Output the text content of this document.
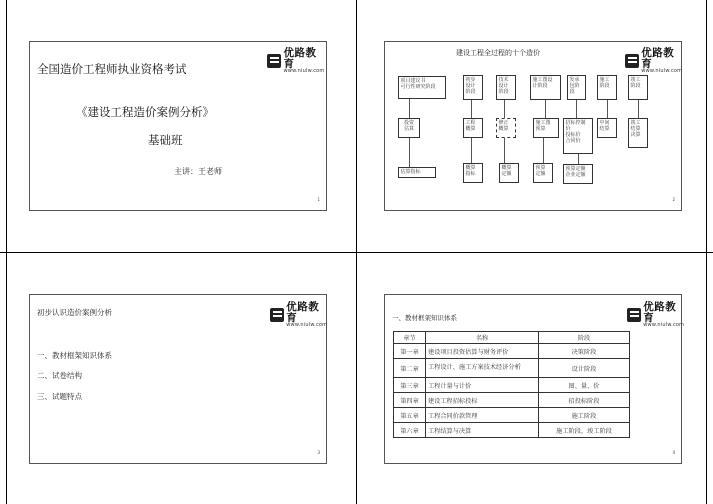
优路教育
www.niulw.com
全国造价工程师执业资格考试
《建设工程造价案例分析》
基础班
主讲：王老师
1
优路教育
www.niulw.com
建设工程全过程的十个造价
项目建议书
可行性研究阶段
初步
设计
阶段
技术
设计
阶段
施工图设
计阶段
发承
包阶
段
施工
阶段
竣工
阶段
投资
估算
工程
概算
修正
概算
施工图
预算
招标控制
价
投标价
合同价
中间
结算
竣工
结算
决算
估算指标
概算
指标
概算
定额
预算
定额
预算定额
企业定额
2
优路教育
www.niulw.com
初步认识造价案例分析
一、教材框架知识体系
二、试卷结构
三、试题特点
3
优路教育
www.niulw.com
一、教材框架知识体系
章节	名称	阶段
第一章	建设项目投资估算与财务评价	决策阶段
第二章	工程设计、施工方案技术经济分析	设计阶段
第三章	工程计量与计价	图、量、价
第四章	建设工程招标投标	招投标阶段
第五章	工程合同价款管理	施工阶段
第六章	工程结算与决算	施工阶段、竣工阶段
4
